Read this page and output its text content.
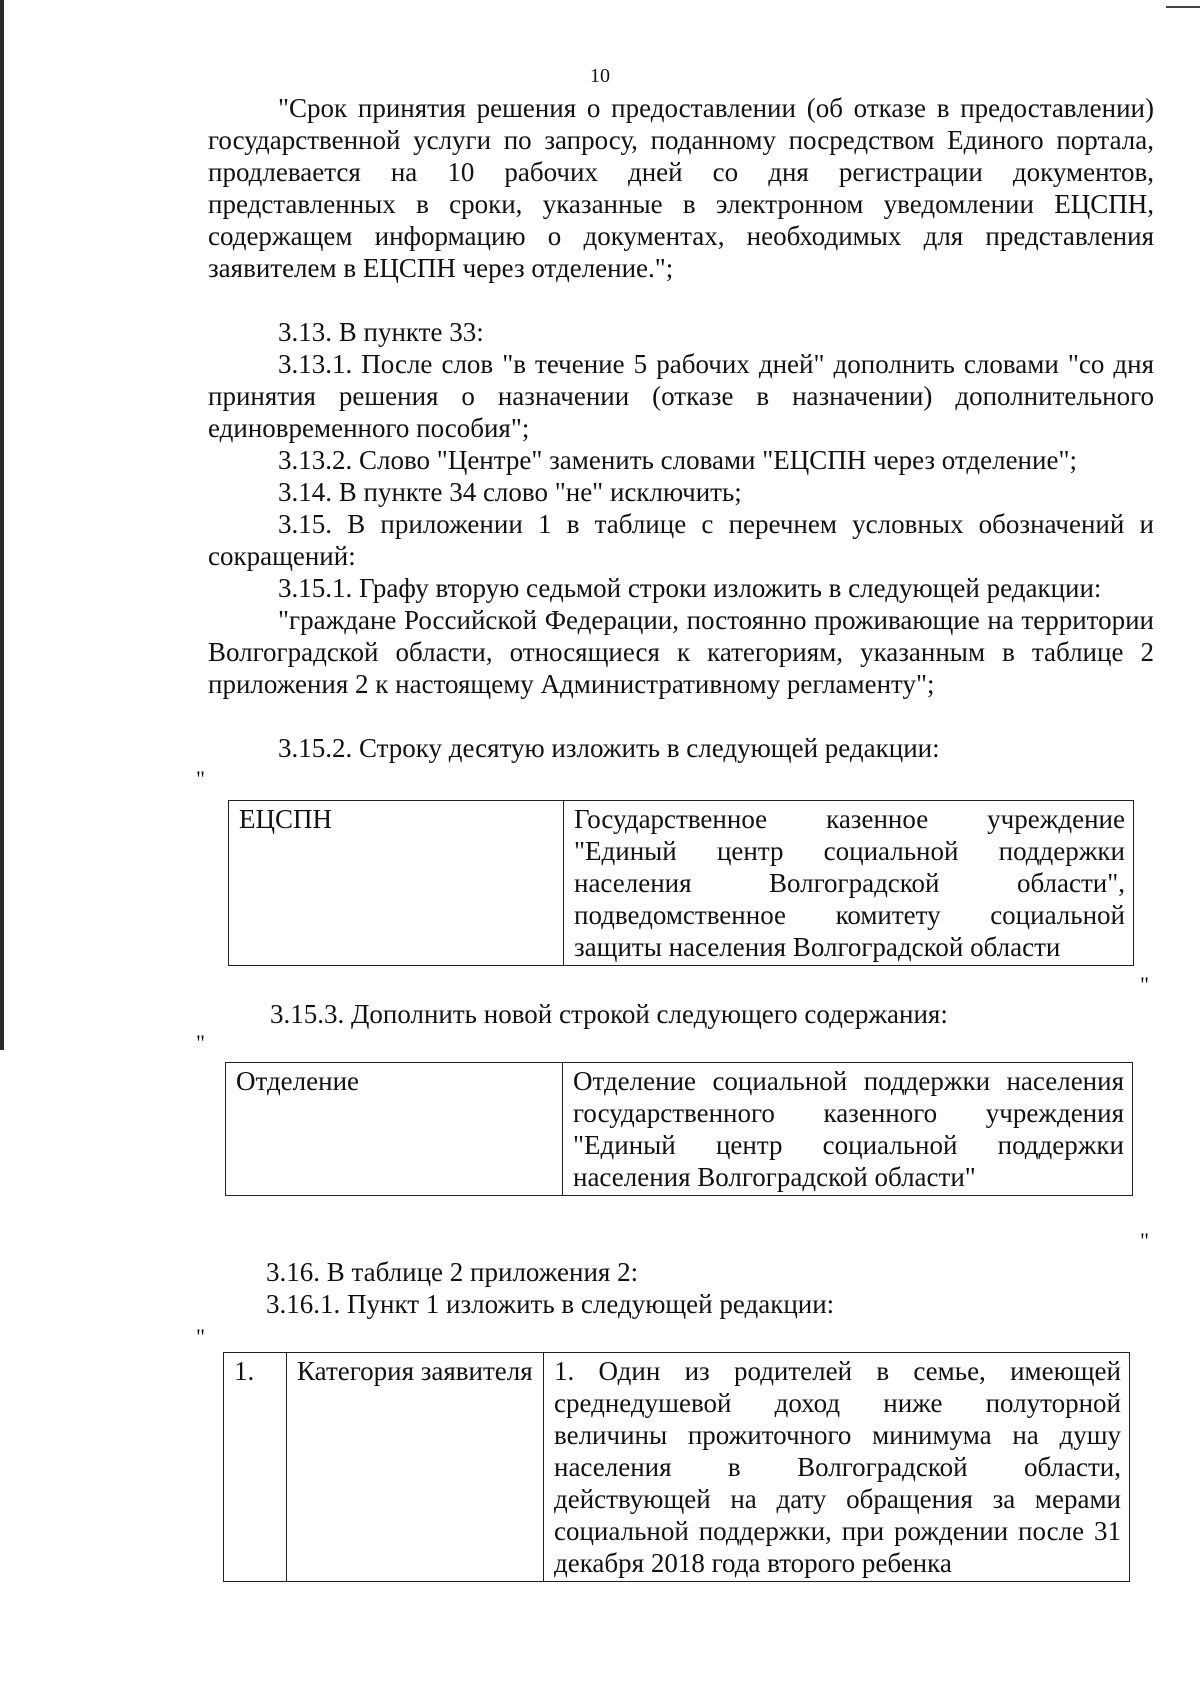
10

"Срок принятия решения о предоставлении (об отказе в предоставлении) государственной услуги по запросу, поданному посредством Единого портала, продлевается на 10 рабочих дней со дня регистрации документов, представленных в сроки, указанные в электронном уведомлении ЕЦСПН, содержащем информацию о документах, необходимых для представления заявителем в ЕЦСПН через отделение.";

3.13. В пункте 33:

3.13.1. После слов "в течение 5 рабочих дней" дополнить словами "со дня принятия решения о назначении (отказе в назначении) дополнительного единовременного пособия";

3.13.2. Слово "Центре" заменить словами "ЕЦСПН через отделение";

3.14. В пункте 34 слово "не" исключить;

3.15. В приложении 1 в таблице с перечнем условных обозначений и сокращений:

3.15.1. Графу вторую седьмой строки изложить в следующей редакции:

"граждане Российской Федерации, постоянно проживающие на территории Волгоградской области, относящиеся к категориям, указанным в таблице 2 приложения 2 к настоящему Административному регламенту";

3.15.2. Строку десятую изложить в следующей редакции:

"
ЕЦСПН	Государственное казенное учреждение "Единый центр социальной поддержки населения Волгоградской области", подведомственное комитету социальной защиты населения Волгоградской области
"

3.15.3. Дополнить новой строкой следующего содержания:

"
Отделение	Отделение социальной поддержки населения государственного казенного учреждения "Единый центр социальной поддержки населения Волгоградской области"
"

3.16. В таблице 2 приложения 2:

3.16.1. Пункт 1 изложить в следующей редакции:

"
1.	Категория заявителя	1. Один из родителей в семье, имеющей среднедушевой доход ниже полуторной величины прожиточного минимума на душу населения в Волгоградской области, действующей на дату обращения за мерами социальной поддержки, при рождении после 31 декабря 2018 года второго ребенка
